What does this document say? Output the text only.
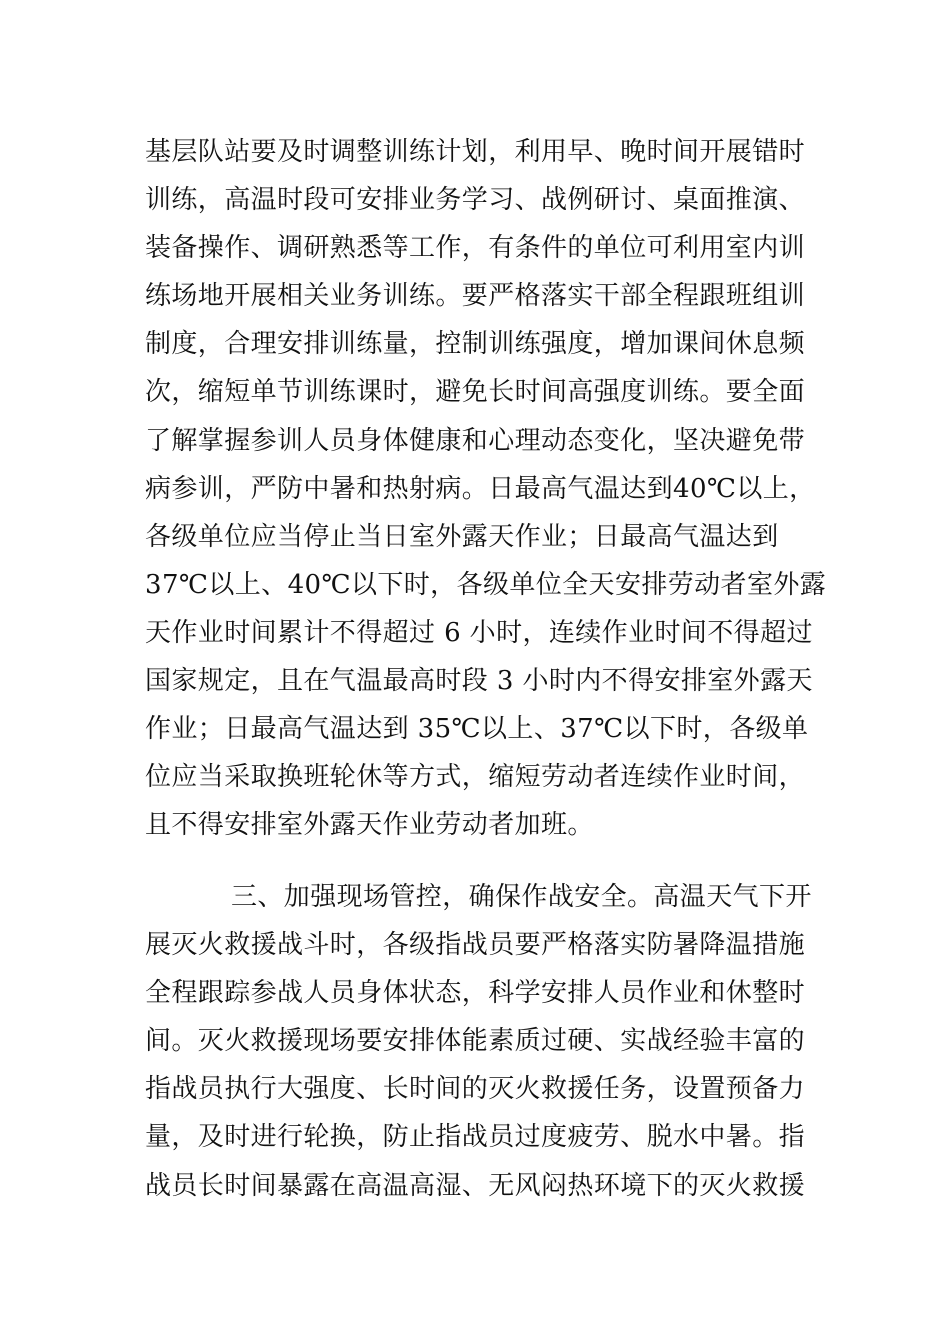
基层队站要及时调整训练计划，利用早、晚时间开展错时
训练，高温时段可安排业务学习、战例研讨、桌面推演、
装备操作、调研熟悉等工作，有条件的单位可利用室内训
练场地开展相关业务训练。要严格落实干部全程跟班组训
制度，合理安排训练量，控制训练强度，增加课间休息频
次，缩短单节训练课时，避免长时间高强度训练。要全面
了解掌握参训人员身体健康和心理动态变化，坚决避免带
病参训，严防中暑和热射病。日最高气温达到40℃以上，
各级单位应当停止当日室外露天作业；日最高气温达到
37℃以上、40℃以下时，各级单位全天安排劳动者室外露
天作业时间累计不得超过 6 小时，连续作业时间不得超过
国家规定，且在气温最高时段 3 小时内不得安排室外露天
作业；日最高气温达到 35℃以上、37℃以下时，各级单
位应当采取换班轮休等方式，缩短劳动者连续作业时间，
且不得安排室外露天作业劳动者加班。
三、加强现场管控，确保作战安全。高温天气下开
展灭火救援战斗时，各级指战员要严格落实防暑降温措施
全程跟踪参战人员身体状态，科学安排人员作业和休整时
间。灭火救援现场要安排体能素质过硬、实战经验丰富的
指战员执行大强度、长时间的灭火救援任务，设置预备力
量，及时进行轮换，防止指战员过度疲劳、脱水中暑。指
战员长时间暴露在高温高湿、无风闷热环境下的灭火救援
